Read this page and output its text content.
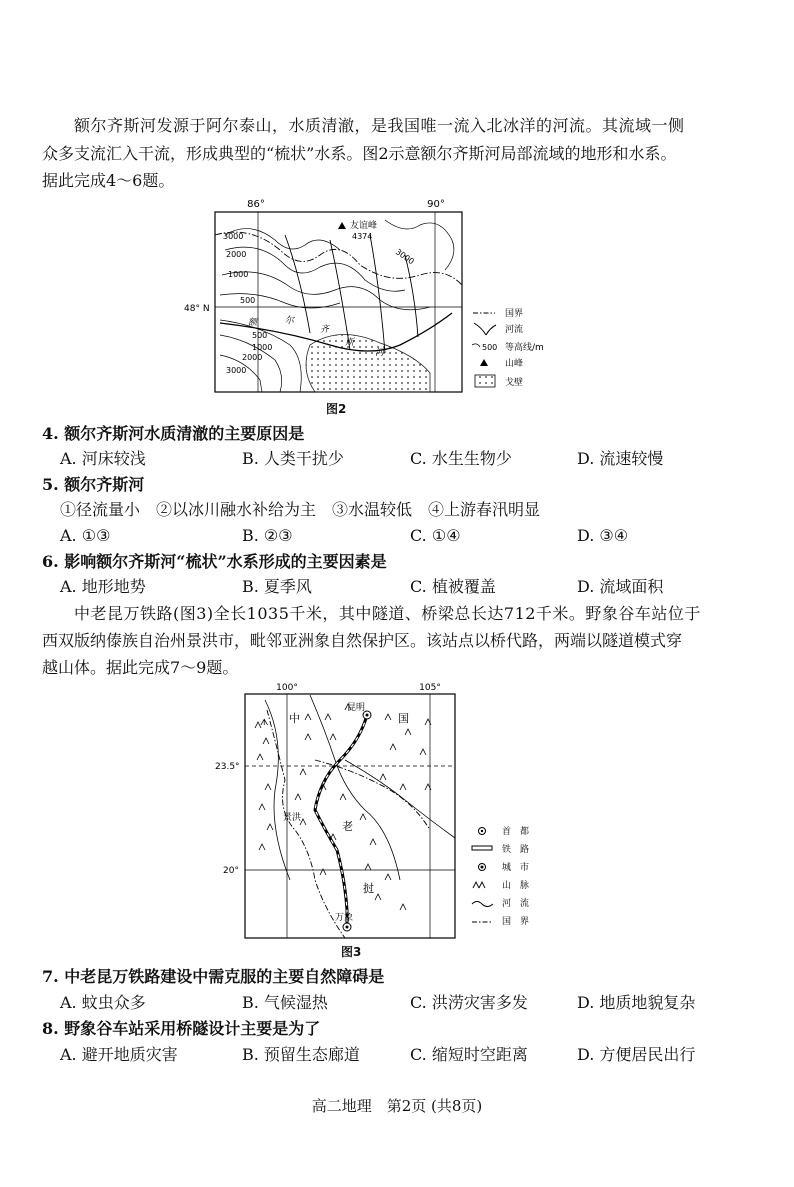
额尔齐斯河发源于阿尔泰山，水质清澈，是我国唯一流入北冰洋的河流。其流域一侧
众多支流汇入干流，形成典型的“梳状”水系。图2示意额尔齐斯河局部流域的地形和水系。
据此完成4～6题。
86°	90°
48° N
3000
2000
1000
500
3000
500
1000
2000
3000
友谊峰
4374
额	尔
齐
斯
河
国界
河流
500 等高线/m
山峰
戈壁
图2
4. 额尔齐斯河水质清澈的主要原因是
A. 河床较浅	B. 人类干扰少	C. 水生生物少	D. 流速较慢
5. 额尔齐斯河
①径流量小　②以冰川融水补给为主　③水温较低　④上游春汛明显
A. ①③	B. ②③	C. ①④	D. ③④
6. 影响额尔齐斯河“梳状”水系形成的主要因素是
A. 地形地势	B. 夏季风	C. 植被覆盖	D. 流域面积
中老昆万铁路(图3)全长1035千米，其中隧道、桥梁总长达712千米。野象谷车站位于
西双版纳傣族自治州景洪市，毗邻亚洲象自然保护区。该站点以桥代路，两端以隧道模式穿
越山体。据此完成7～9题。
100°	105°
23.5°
20°
ᗑ
昆明
景洪
万象
中	国
老
挝
首　都
铁　路
城　市
山　脉
河　流
国　界
图3
7. 中老昆万铁路建设中需克服的主要自然障碍是
A. 蚊虫众多	B. 气候湿热	C. 洪涝灾害多发	D. 地质地貌复杂
8. 野象谷车站采用桥隧设计主要是为了
A. 避开地质灾害	B. 预留生态廊道	C. 缩短时空距离	D. 方便居民出行
高二地理　第2页 (共8页)
